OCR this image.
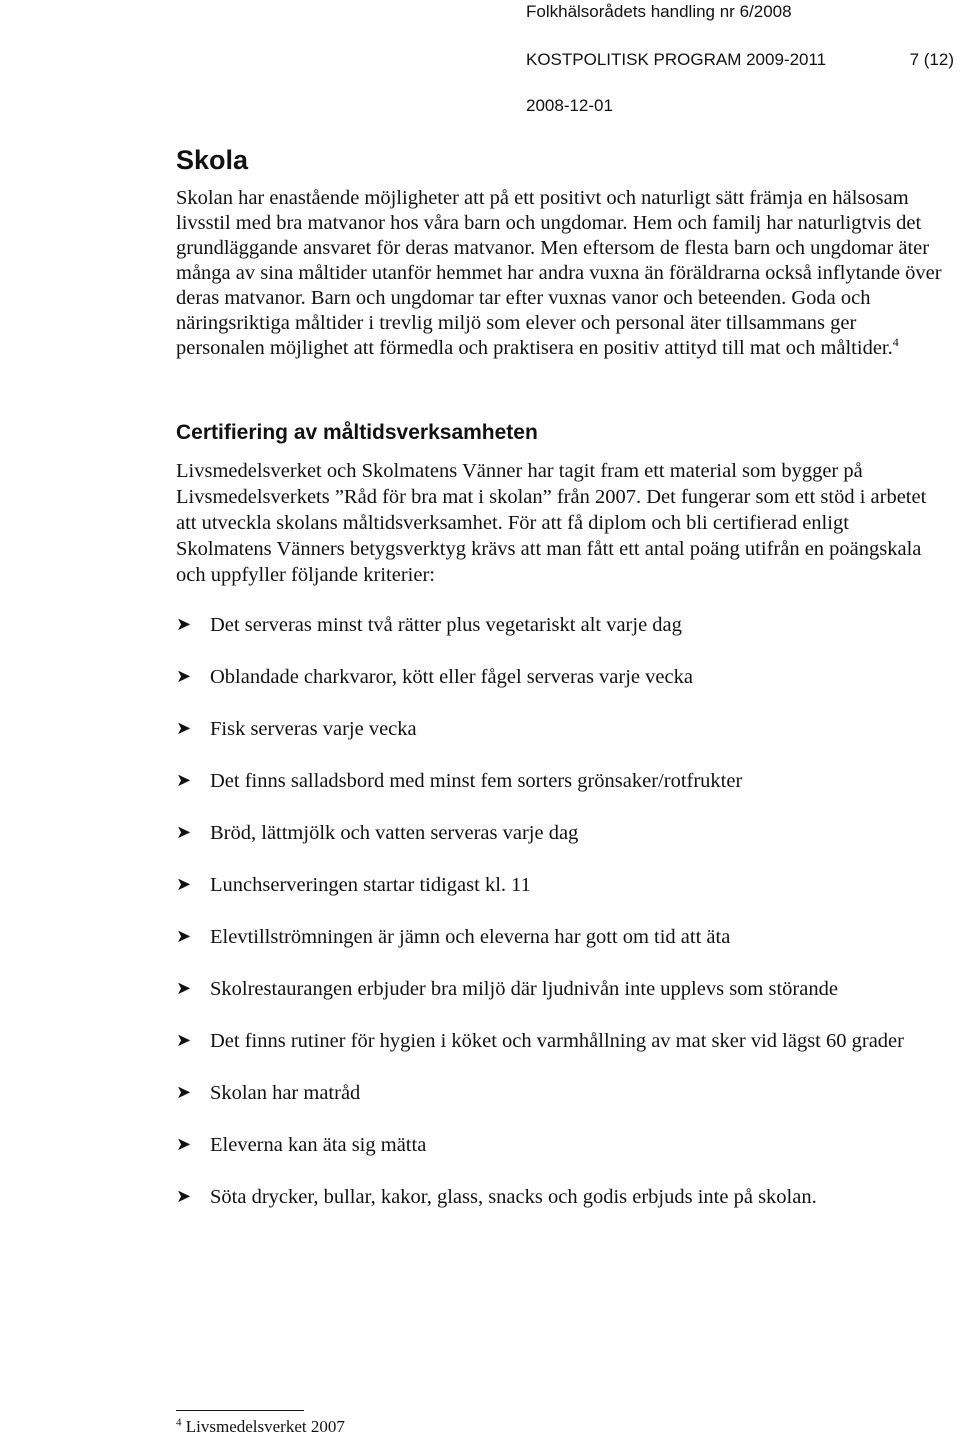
Folkhälsorådets handling nr 6/2008
KOSTPOLITISK PROGRAM 2009-2011	7 (12)
2008-12-01
Skola

Skolan har enastående möjligheter att på ett positivt och naturligt sätt främja en hälsosam livsstil med bra matvanor hos våra barn och ungdomar. Hem och familj har naturligtvis det grundläggande ansvaret för deras matvanor. Men eftersom de flesta barn och ungdomar äter många av sina måltider utanför hemmet har andra vuxna än föräldrarna också inflytande över deras matvanor. Barn och ungdomar tar efter vuxnas vanor och beteenden. Goda och näringsriktiga måltider i trevlig miljö som elever och personal äter tillsammans ger personalen möjlighet att förmedla och praktisera en positiv attityd till mat och måltider.$^4$

Certifiering av måltidsverksamheten

Livsmedelsverket och Skolmatens Vänner har tagit fram ett material som bygger på Livsmedelsverkets ”Råd för bra mat i skolan” från 2007. Det fungerar som ett stöd i arbetet att utveckla skolans måltidsverksamhet. För att få diplom och bli certifierad enligt Skolmatens Vänners betygsverktyg krävs att man fått ett antal poäng utifrån en poängskala och uppfyller följande kriterier:

➤ Det serveras minst två rätter plus vegetariskt alt varje dag
➤ Oblandade charkvaror, kött eller fågel serveras varje vecka
➤ Fisk serveras varje vecka
➤ Det finns salladsbord med minst fem sorters grönsaker/rotfrukter
➤ Bröd, lättmjölk och vatten serveras varje dag
➤ Lunchserveringen startar tidigast kl. 11
➤ Elevtillströmningen är jämn och eleverna har gott om tid att äta
➤ Skolrestaurangen erbjuder bra miljö där ljudnivån inte upplevs som störande
➤ Det finns rutiner för hygien i köket och varmhållning av mat sker vid lägst 60 grader
➤ Skolan har matråd
➤ Eleverna kan äta sig mätta
➤ Söta drycker, bullar, kakor, glass, snacks och godis erbjuds inte på skolan.
$^4$ Livsmedelsverket 2007
